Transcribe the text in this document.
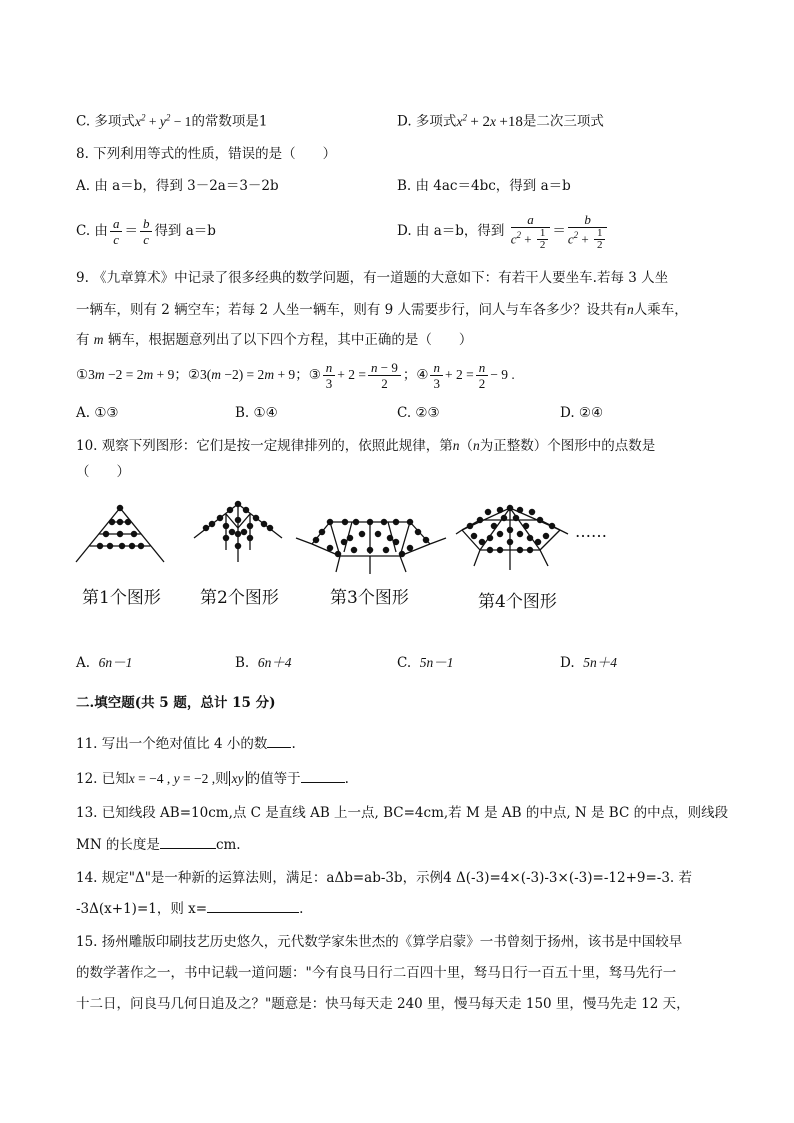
C. 多项式$x^2 + y^2 - 1$的常数项是1	D. 多项式$x^2 + 2x +18$是二次三项式
8. 下列利用等式的性质，错误的是（　　）
A. 由 a＝b，得到 3－2a＝3－2b	B. 由 4ac＝4bc，得到 a＝b
C. 由 $\frac{a}{c} = \frac{b}{c}$ 得到 a＝b	D. 由 a＝b，得到 $\frac{a}{c^2 + \frac{1}{2}} = \frac{b}{c^2 + \frac{1}{2}}$
9. 《九章算术》中记录了很多经典的数学问题，有一道题的大意如下：有若干人要坐车.若每 3 人坐
一辆车，则有 2 辆空车；若每 2 人坐一辆车，则有 9 人需要步行，问人与车各多少？设共有n人乘车，
有 m 辆车，根据题意列出了以下四个方程，其中正确的是（　　）
①3m −2 = 2m + 9；②3(m −2) = 2m + 9；③ $\frac{n}{3} + 2 = \frac{n - 9}{2}$ ；④ $\frac{n}{3} + 2 = \frac{n}{2} - 9$ .
A. ①③	B. ①④	C. ②③	D. ②④
10. 观察下列图形：它们是按一定规律排列的，依照此规律，第n（n为正整数）个图形中的点数是
（　　）
第1个图形 第2个图形	第3个图形	第4个图形
……
A. 6n－1	B. 6n＋4	C. 5n－1	D. 5n＋4
二.填空题(共 5 题，总计 15 分)
11. 写出一个绝对值比 4 小的数 .
12. 已知x = −4 , y = −2 ,则 xy 的值等于	.
13. 已知线段 AB=10cm,点 C 是直线 AB 上一点, BC=4cm,若 M 是 AB 的中点, N 是 BC 的中点，则线段
MN 的长度是	cm.
14. 规定"Δ"是一种新的运算法则，满足：aΔb=ab-3b，示例4 Δ(-3)=4×(-3)-3×(-3)=-12+9=-3. 若
-3Δ(x+1)=1，则 x=	.
15. 扬州雕版印刷技艺历史悠久，元代数学家朱世杰的《算学启蒙》一书曾刻于扬州，该书是中国较早
的数学著作之一，书中记载一道问题："今有良马日行二百四十里，驽马日行一百五十里，驽马先行一
十二日，问良马几何日追及之？"题意是：快马每天走 240 里，慢马每天走 150 里，慢马先走 12 天，
